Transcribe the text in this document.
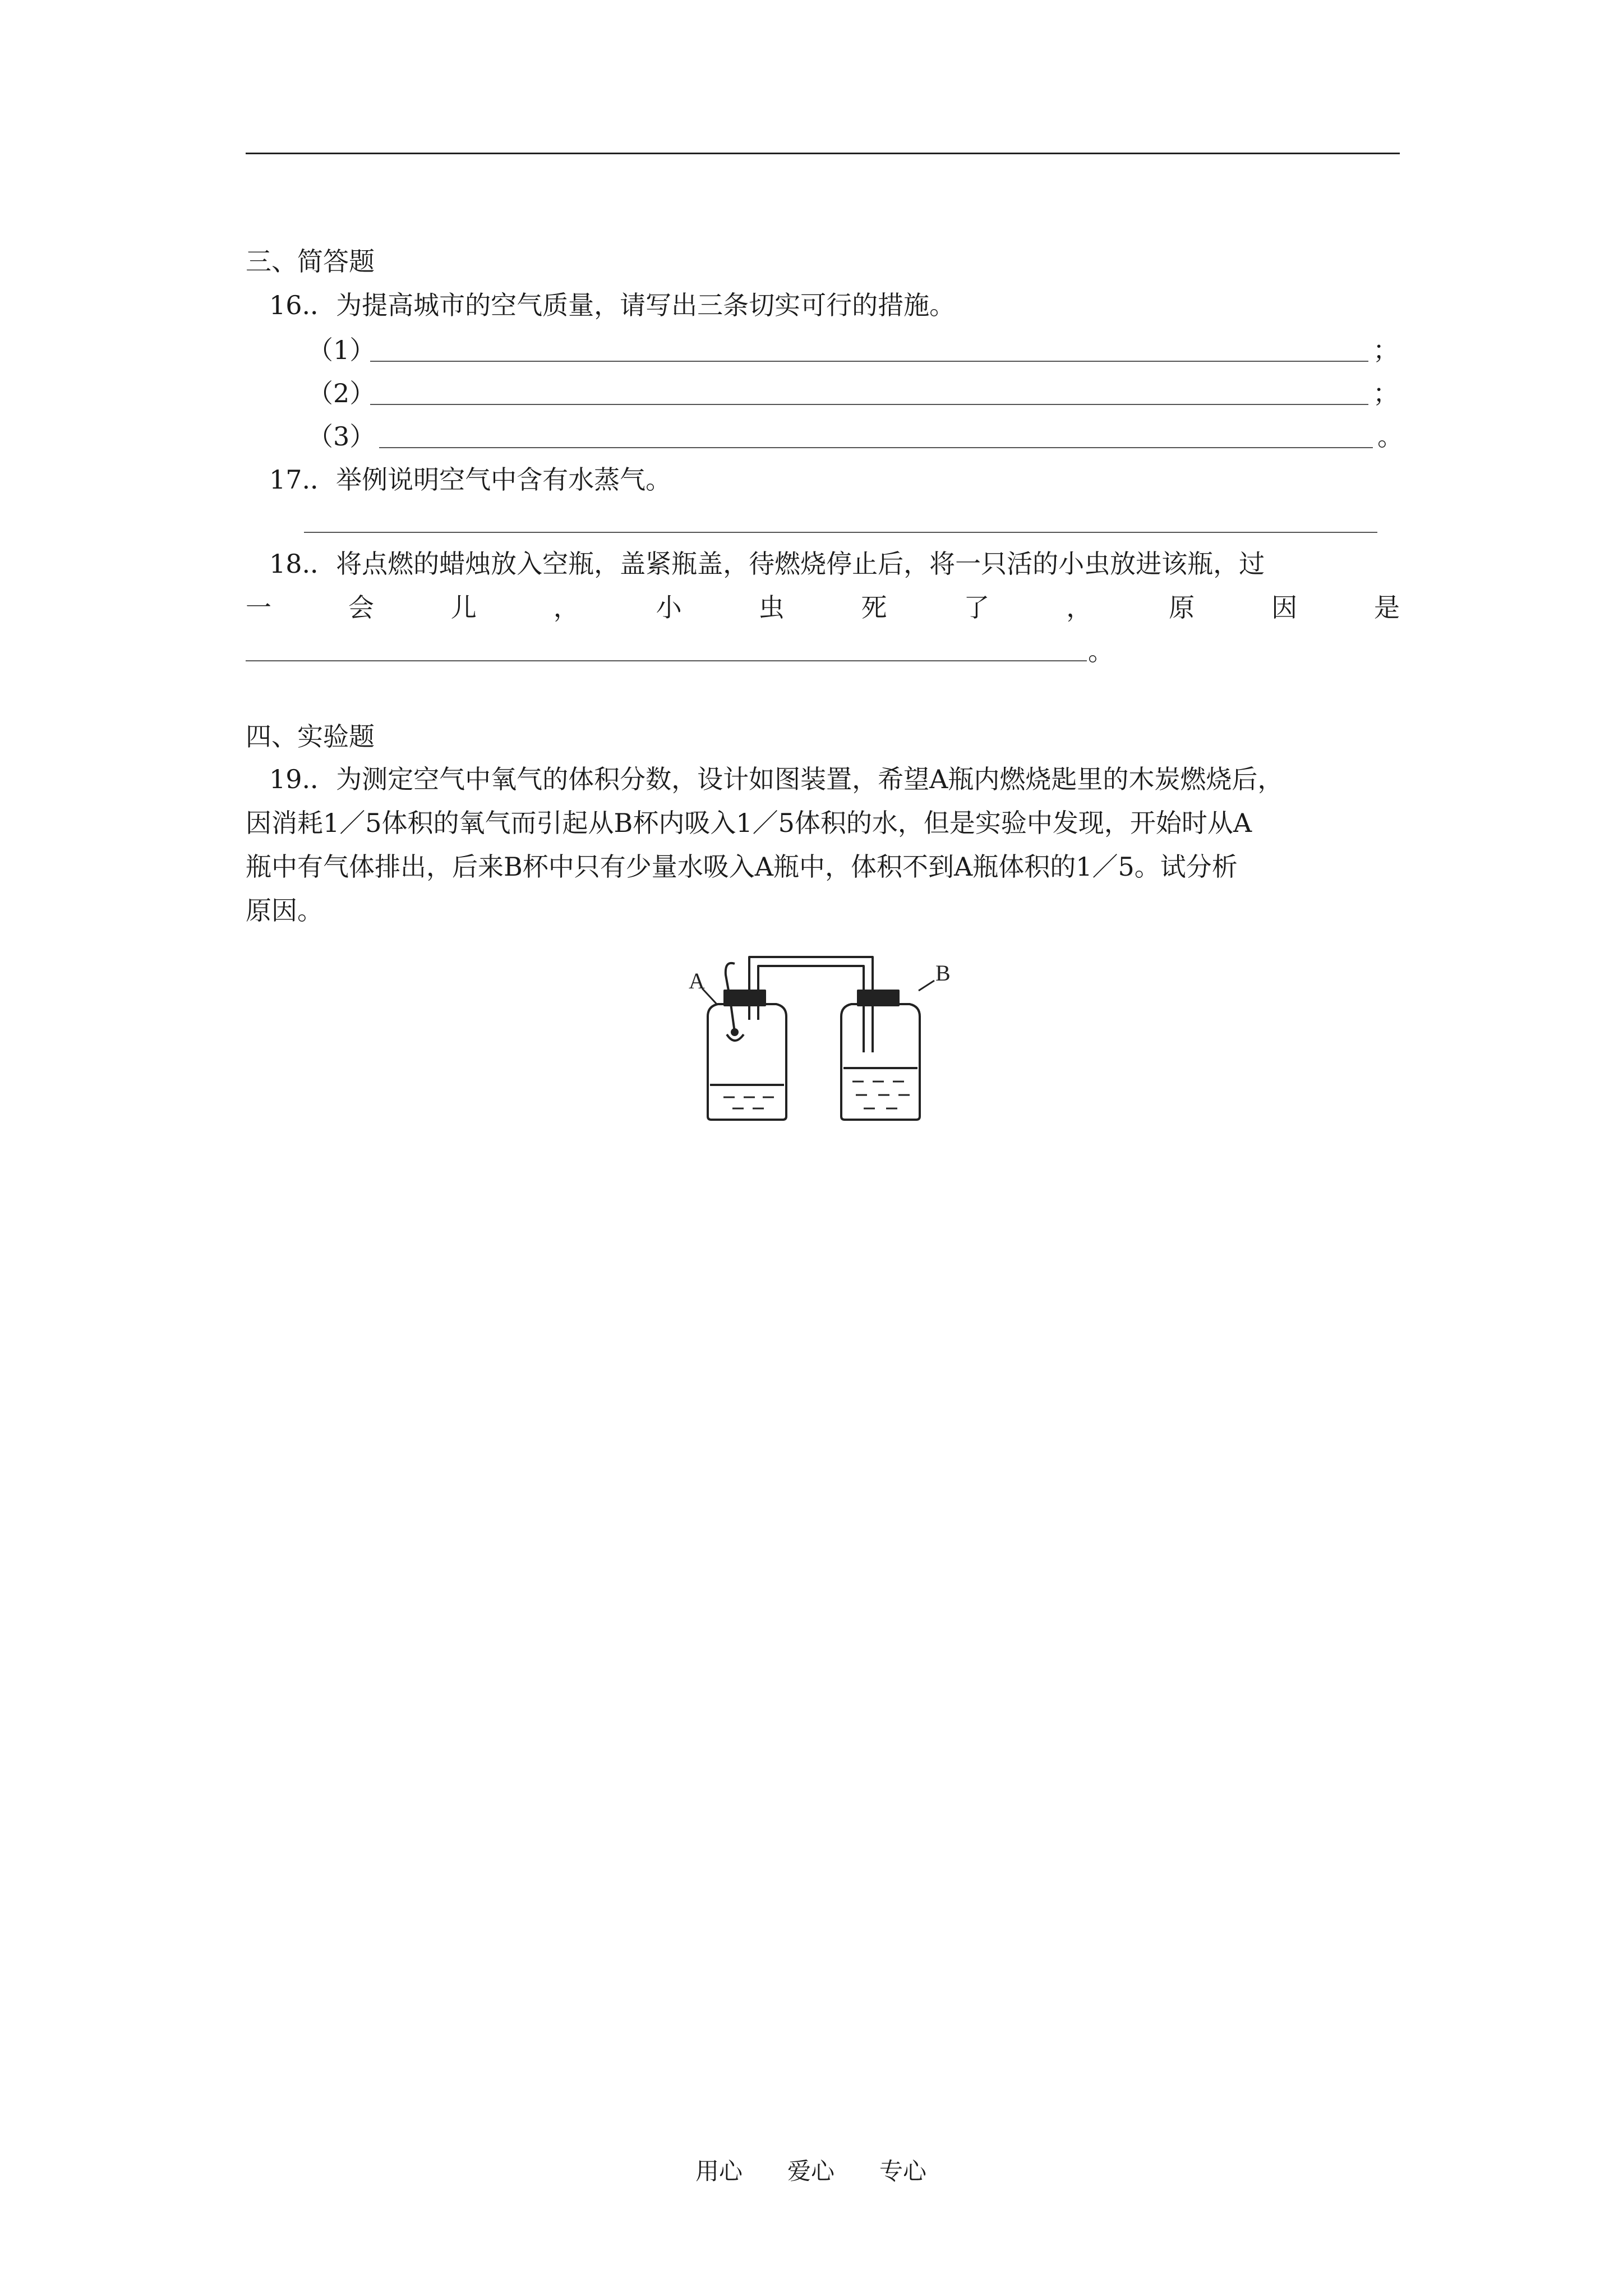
三、简答题
16.．为提高城市的空气质量，请写出三条切实可行的措施。
（1）	；
（2）	；
（3）	。
17.．举例说明空气中含有水蒸气。
18.．将点燃的蜡烛放入空瓶，盖紧瓶盖，待燃烧停止后，将一只活的小虫放进该瓶，过
一	会	儿	，	小	虫	死	了	，	原	因	是
。
四、实验题
19.．为测定空气中氧气的体积分数，设计如图装置，希望A瓶内燃烧匙里的木炭燃烧后，
因消耗1／5体积的氧气而引起从B杯内吸入1／5体积的水，但是实验中发现，开始时从A
瓶中有气体排出，后来B杯中只有少量水吸入A瓶中，体积不到A瓶体积的1／5。试分析
原因。
A	B
用心 爱心 专心
